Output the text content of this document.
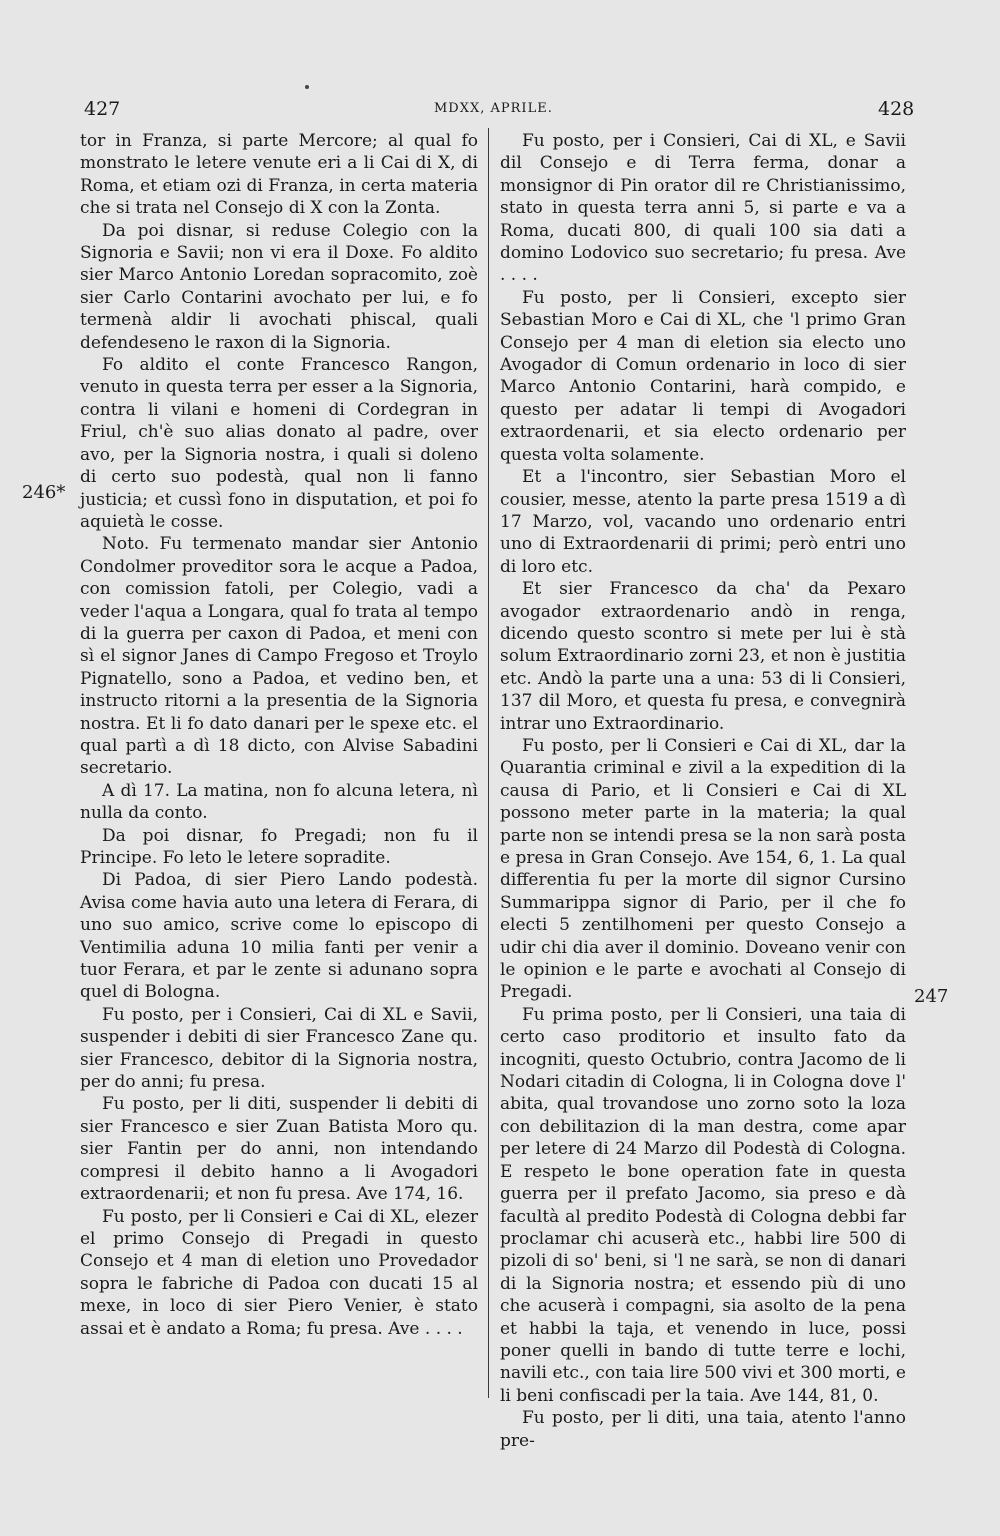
427	MDXX, APRILE.	428
246*
247

tor in Franza, si parte Mercore; al qual fo monstrato le letere venute eri a li Cai di X, di Roma, et etiam ozi di Franza, in certa materia che si trata nel Consejo di X con la Zonta.

Da poi disnar, si reduse Colegio con la Signoria e Savii; non vi era il Doxe. Fo aldito sier Marco Antonio Loredan sopracomito, zoè sier Carlo Contarini avochato per lui, e fo termenà aldir li avochati phiscal, quali defendeseno le raxon di la Signoria.

Fo aldito el conte Francesco Rangon, venuto in questa terra per esser a la Signoria, contra li vilani e homeni di Cordegran in Friul, ch'è suo alias donato al padre, over avo, per la Signoria nostra, i quali si doleno di certo suo podestà, qual non li fanno justicia; et cussì fono in disputation, et poi fo aquietà le cosse.

Noto. Fu termenato mandar sier Antonio Condolmer proveditor sora le acque a Padoa, con comission fatoli, per Colegio, vadi a veder l'aqua a Longara, qual fo trata al tempo di la guerra per caxon di Padoa, et meni con sì el signor Janes di Campo Fregoso et Troylo Pignatello, sono a Padoa, et vedino ben, et instructo ritorni a la presentia de la Signoria nostra. Et li fo dato danari per le spexe etc. el qual partì a dì 18 dicto, con Alvise Sabadini secretario.

A dì 17. La matina, non fo alcuna letera, nì nulla da conto.

Da poi disnar, fo Pregadi; non fu il Principe. Fo leto le letere sopradite.

Di Padoa, di sier Piero Lando podestà. Avisa come havia auto una letera di Ferara, di uno suo amico, scrive come lo episcopo di Ventimilia aduna 10 milia fanti per venir a tuor Ferara, et par le zente si adunano sopra quel di Bologna.

Fu posto, per i Consieri, Cai di XL e Savii, suspender i debiti di sier Francesco Zane qu. sier Francesco, debitor di la Signoria nostra, per do anni; fu presa.

Fu posto, per li diti, suspender li debiti di sier Francesco e sier Zuan Batista Moro qu. sier Fantin per do anni, non intendando compresi il debito hanno a li Avogadori extraordenarii; et non fu presa. Ave 174, 16.

Fu posto, per li Consieri e Cai di XL, elezer el primo Consejo di Pregadi in questo Consejo et 4 man di eletion uno Provedador sopra le fabriche di Padoa con ducati 15 al mexe, in loco di sier Piero Venier, è stato assai et è andato a Roma; fu presa. Ave . . . .

Fu posto, per i Consieri, Cai di XL, e Savii dil Consejo e di Terra ferma, donar a monsignor di Pin orator dil re Christianissimo, stato in questa terra anni 5, si parte e va a Roma, ducati 800, di quali 100 sia dati a domino Lodovico suo secretario; fu presa. Ave . . . .

Fu posto, per li Consieri, excepto sier Sebastian Moro e Cai di XL, che 'l primo Gran Consejo per 4 man di eletion sia electo uno Avogador di Comun ordenario in loco di sier Marco Antonio Contarini, harà compido, e questo per adatar li tempi di Avogadori extraordenarii, et sia electo ordenario per questa volta solamente.

Et a l'incontro, sier Sebastian Moro el cousier, messe, atento la parte presa 1519 a dì 17 Marzo, vol, vacando uno ordenario entri uno di Extraordenarii di primi; però entri uno di loro etc.

Et sier Francesco da cha' da Pexaro avogador extraordenario andò in renga, dicendo questo scontro si mete per lui è stà solum Extraordinario zorni 23, et non è justitia etc. Andò la parte una a una: 53 di li Consieri, 137 dil Moro, et questa fu presa, e convegnirà intrar uno Extraordinario.

Fu posto, per li Consieri e Cai di XL, dar la Quarantia criminal e zivil a la expedition di la causa di Pario, et li Consieri e Cai di XL possono meter parte in la materia; la qual parte non se intendi presa se la non sarà posta e presa in Gran Consejo. Ave 154, 6, 1. La qual differentia fu per la morte dil signor Cursino Summarippa signor di Pario, per il che fo electi 5 zentilhomeni per questo Consejo a udir chi dia aver il dominio. Doveano venir con le opinion e le parte e avochati al Consejo di Pregadi.

Fu prima posto, per li Consieri, una taia di certo caso proditorio et insulto fato da incogniti, questo Octubrio, contra Jacomo de li Nodari citadin di Cologna, li in Cologna dove l' abita, qual trovandose uno zorno soto la loza con debilitazion di la man destra, come apar per letere di 24 Marzo dil Podestà di Cologna. E respeto le bone operation fate in questa guerra per il prefato Jacomo, sia preso e dà facultà al predito Podestà di Cologna debbi far proclamar chi acuserà etc., habbi lire 500 di pizoli di so' beni, si 'l ne sarà, se non di danari di la Signoria nostra; et essendo più di uno che acuserà i compagni, sia asolto de la pena et habbi la taja, et venendo in luce, possi poner quelli in bando di tutte terre e lochi, navili etc., con taia lire 500 vivi et 300 morti, e li beni confiscadi per la taia. Ave 144, 81, 0.

Fu posto, per li diti, una taia, atento l'anno pre-
